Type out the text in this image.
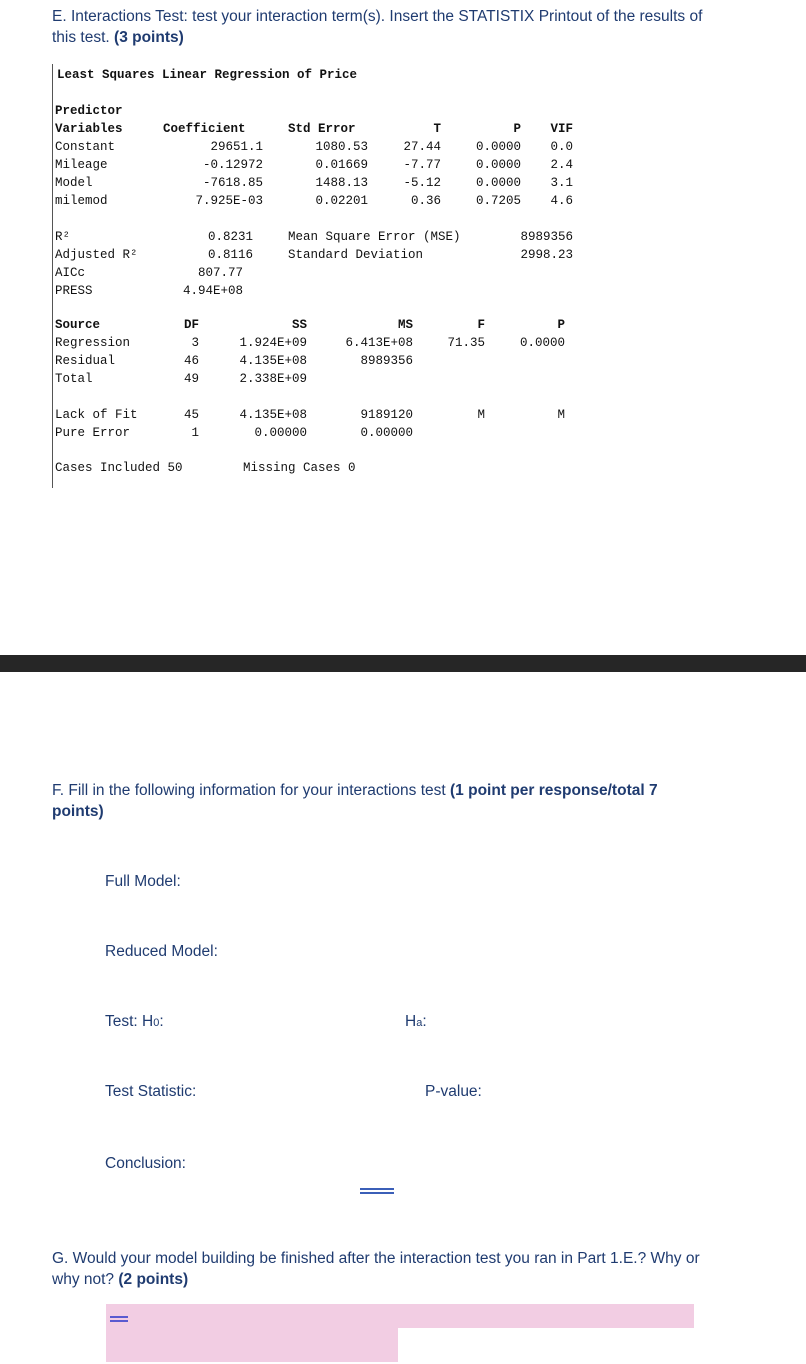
E. Interactions Test: test your interaction term(s). Insert the STATISTIX Printout of the results of
this test. (3 points)
Least Squares Linear Regression of Price
Predictor
Variables	Coefficient	Std Error	T	P	VIF
Constant	29651.1	1080.53	27.44	0.0000	0.0
Mileage	-0.12972	0.01669	-7.77	0.0000	2.4
Model	-7618.85	1488.13	-5.12	0.0000	3.1
milemod	7.925E-03	0.02201	0.36	0.7205	4.6
R²	0.8231
Adjusted R²	0.8116
AICc	807.77
PRESS	4.94E+08
Mean Square Error (MSE)	8989356
Standard Deviation	2998.23
Source	DF	SS	MS	F	P
Regression	3	1.924E+09	6.413E+08	71.35	0.0000
Residual	46	4.135E+08	8989356
Total	49	2.338E+09
Lack of Fit	45	4.135E+08	9189120	M	M
Pure Error	1	0.00000	0.00000
Cases Included 50	Missing Cases 0
F. Fill in the following information for your interactions test (1 point per response/total 7
points)
Full Model:
Reduced Model:
Test: H0:	Ha:
Test Statistic:	P-value:
Conclusion:
G. Would your model building be finished after the interaction test you ran in Part 1.E.? Why or
why not? (2 points)
